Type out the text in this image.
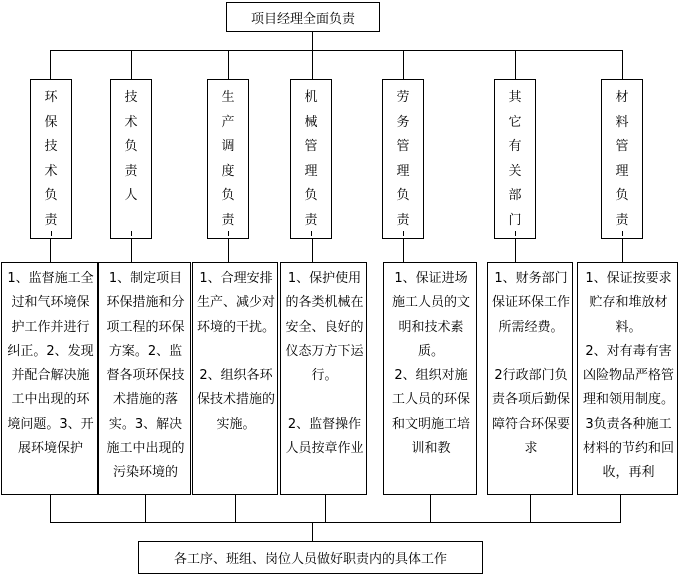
项目经理全面负责
环
保
技
术
负
责
技
术
负
责
人
生
产
调
度
负
责
机
械
管
理
负
责
劳
务
管
理
负
责
其
它
有
关
部
门
材
料
管
理
负
责

1、监督施工全过和气环境保护工作并进行纠正。2、发现并配合解决施工中出现的环境问题。3、开展环境保护

1、制定项目环保措施和分项工程的环保方案。2、监督各项环保技术措施的落实。3、解决施工中出现的污染环境的

1、合理安排生产、减少对环境的干扰。

2、组织各环保技术措施的实施。

1、保护使用的各类机械在安全、良好的仪态万方下运行。

2、监督操作人员按章作业

1、保证进场施工人员的文明和技术素质。
2、组织对施工人员的环保和文明施工培训和教

1、财务部门保证环保工作所需经费。

2行政部门负责各项后勤保障符合环保要求

1、保证按要求贮存和堆放材料。
2、对有毒有害凶险物品严格管理和领用制度。
3负责各种施工材料的节约和回收，再利

各工序、班组、岗位人员做好职责内的具体工作
